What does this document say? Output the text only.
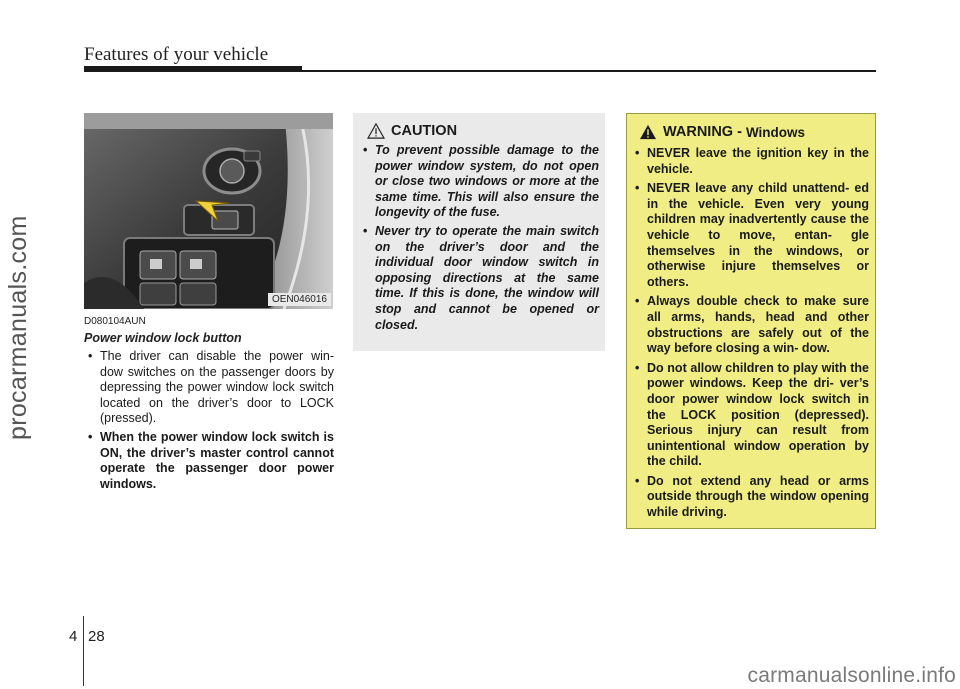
Features of your vehicle
procarmanuals.com	OEN046016
D080104AUN
Power window lock button
• The driver can disable the power win- dow switches on the passenger doors by depressing the power window lock switch located on the driver’s door to LOCK (pressed).
• When the power window lock switch is ON, the driver’s master control cannot operate the passenger door power windows.
CAUTION
• To prevent possible damage to the power window system, do not open or close two windows or more at the same time. This will also ensure the longevity of the fuse.
• Never try to operate the main switch on the driver’s door and the individual door window switch in opposing directions at the same time. If this is done, the window will stop and cannot be opened or closed.
WARNING - Windows
• NEVER leave the ignition key in the vehicle.
• NEVER leave any child unattend- ed in the vehicle. Even very young children may inadvertently cause the vehicle to move, entan- gle themselves in the windows, or otherwise injure themselves or others.
• Always double check to make sure all arms, hands, head and other obstructions are safely out of the way before closing a win- dow.
• Do not allow children to play with the power windows. Keep the dri- ver’s door power window lock switch in the LOCK position (depressed). Serious injury can result from unintentional window operation by the child.
• Do not extend any head or arms outside through the window opening while driving.
4 28
carmanualsonline.info
